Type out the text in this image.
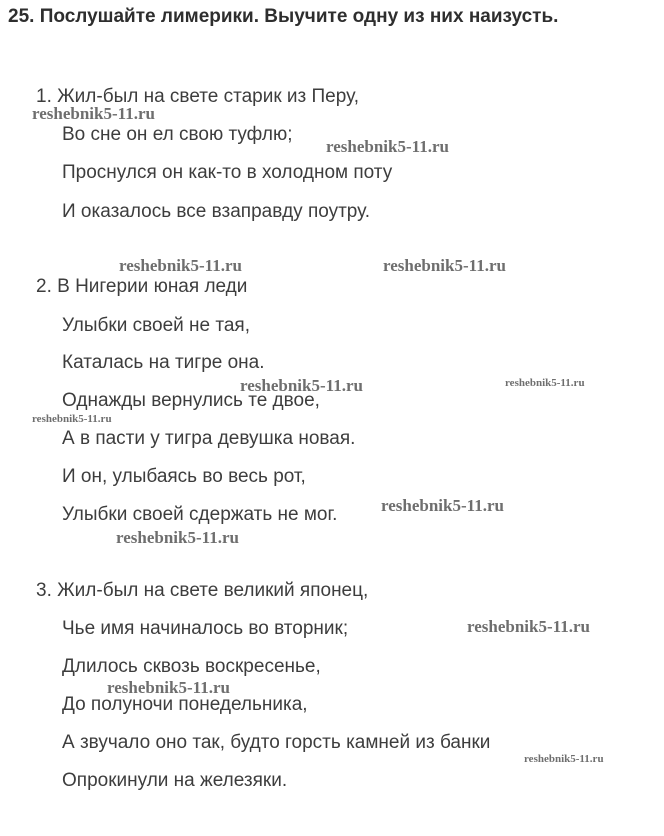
25. Послушайте лимерики. Выучите одну из них наизусть.
1. Жил-был на свете старик из Перу,
Во сне он ел свою туфлю;
Проснулся он как-то в холодном поту
И оказалось все взаправду поутру.
2. В Нигерии юная леди
Улыбки своей не тая,
Каталась на тигре она.
Однажды вернулись те двое,
А в пасти у тигра девушка новая.
И он, улыбаясь во весь рот,
Улыбки своей сдержать не мог.
3. Жил-был на свете великий японец,
Чье имя начиналось во вторник;
Длилось сквозь воскресенье,
До полуночи понедельника,
А звучало оно так, будто горсть камней из банки
Опрокинули на железяки.
reshebnik5-11.ru
reshebnik5-11.ru
reshebnik5-11.ru	reshebnik5-11.ru
reshebnik5-11.ru	reshebnik5-11.ru
reshebnik5-11.ru
reshebnik5-11.ru
reshebnik5-11.ru
reshebnik5-11.ru
reshebnik5-11.ru
reshebnik5-11.ru
